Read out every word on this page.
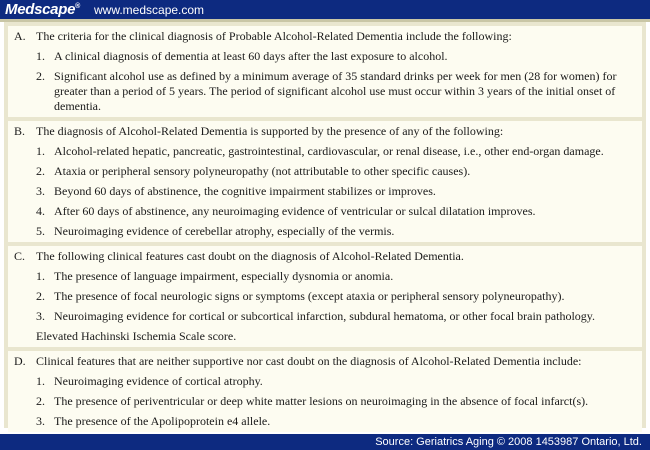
Medscape® www.medscape.com
A. The criteria for the clinical diagnosis of Probable Alcohol-Related Dementia include the following:
1. A clinical diagnosis of dementia at least 60 days after the last exposure to alcohol.
2. Significant alcohol use as defined by a minimum average of 35 standard drinks per week for men (28 for women) for greater than a period of 5 years. The period of significant alcohol use must occur within 3 years of the initial onset of dementia.
B. The diagnosis of Alcohol-Related Dementia is supported by the presence of any of the following:
1. Alcohol-related hepatic, pancreatic, gastrointestinal, cardiovascular, or renal disease, i.e., other end-organ damage.
2. Ataxia or peripheral sensory polyneuropathy (not attributable to other specific causes).
3. Beyond 60 days of abstinence, the cognitive impairment stabilizes or improves.
4. After 60 days of abstinence, any neuroimaging evidence of ventricular or sulcal dilatation improves.
5. Neuroimaging evidence of cerebellar atrophy, especially of the vermis.
C. The following clinical features cast doubt on the diagnosis of Alcohol-Related Dementia.
1. The presence of language impairment, especially dysnomia or anomia.
2. The presence of focal neurologic signs or symptoms (except ataxia or peripheral sensory polyneuropathy).
3. Neuroimaging evidence for cortical or subcortical infarction, subdural hematoma, or other focal brain pathology.
Elevated Hachinski Ischemia Scale score.
D. Clinical features that are neither supportive nor cast doubt on the diagnosis of Alcohol-Related Dementia include:
1. Neuroimaging evidence of cortical atrophy.
2. The presence of periventricular or deep white matter lesions on neuroimaging in the absence of focal infarct(s).
3. The presence of the Apolipoprotein e4 allele.
Source: Geriatrics Aging © 2008 1453987 Ontario, Ltd.
